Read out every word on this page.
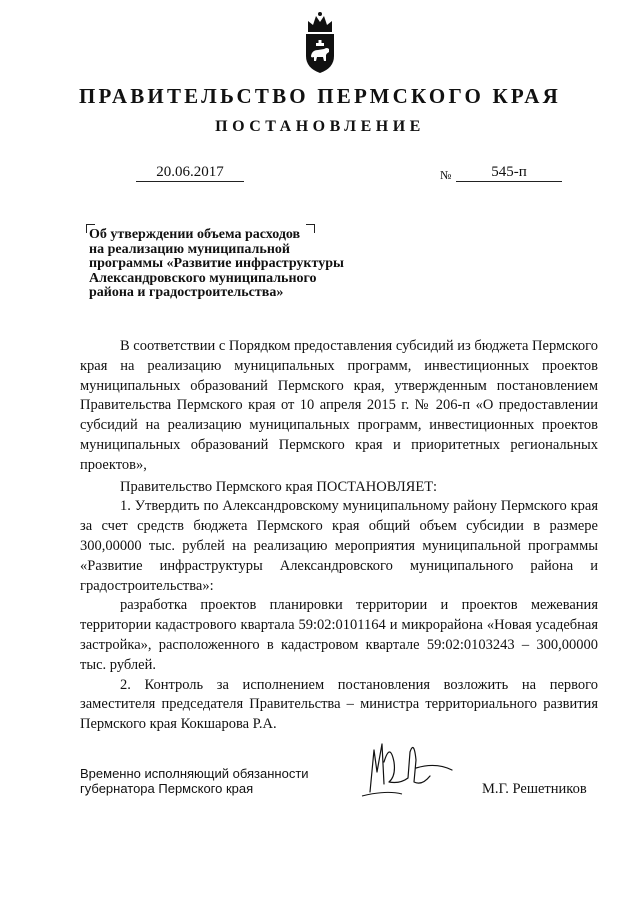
ПРАВИТЕЛЬСТВО ПЕРМСКОГО КРАЯ
ПОСТАНОВЛЕНИЕ
20.06.2017	№	545-п
Об утверждении объема расходов
на реализацию муниципальной
программы «Развитие инфраструктуры
Александровского муниципального
района и градостроительства»

В соответствии с Порядком предоставления субсидий из бюджета Пермского края на реализацию муниципальных программ, инвестиционных проектов муниципальных образований Пермского края, утвержденным постановлением Правительства Пермского края от 10 апреля 2015 г. № 206-п «О предоставлении субсидий на реализацию муниципальных программ, инвестиционных проектов муниципальных образований Пермского края и приоритетных региональных проектов»,

Правительство Пермского края ПОСТАНОВЛЯЕТ:

1. Утвердить по Александровскому муниципальному району Пермского края за счет средств бюджета Пермского края общий объем субсидии в размере 300,00000 тыс. рублей на реализацию мероприятия муниципальной программы «Развитие инфраструктуры Александровского муниципального района и градостроительства»:

разработка проектов планировки территории и проектов межевания территории кадастрового квартала 59:02:0101164 и микрорайона «Новая усадебная застройка», расположенного в кадастровом квартале 59:02:0103243 – 300,00000 тыс. рублей.

2. Контроль за исполнением постановления возложить на первого заместителя председателя Правительства – министра территориального развития Пермского края Кокшарова Р.А.

Временно исполняющий обязанности
губернатора Пермского края	М.Г. Решетников
